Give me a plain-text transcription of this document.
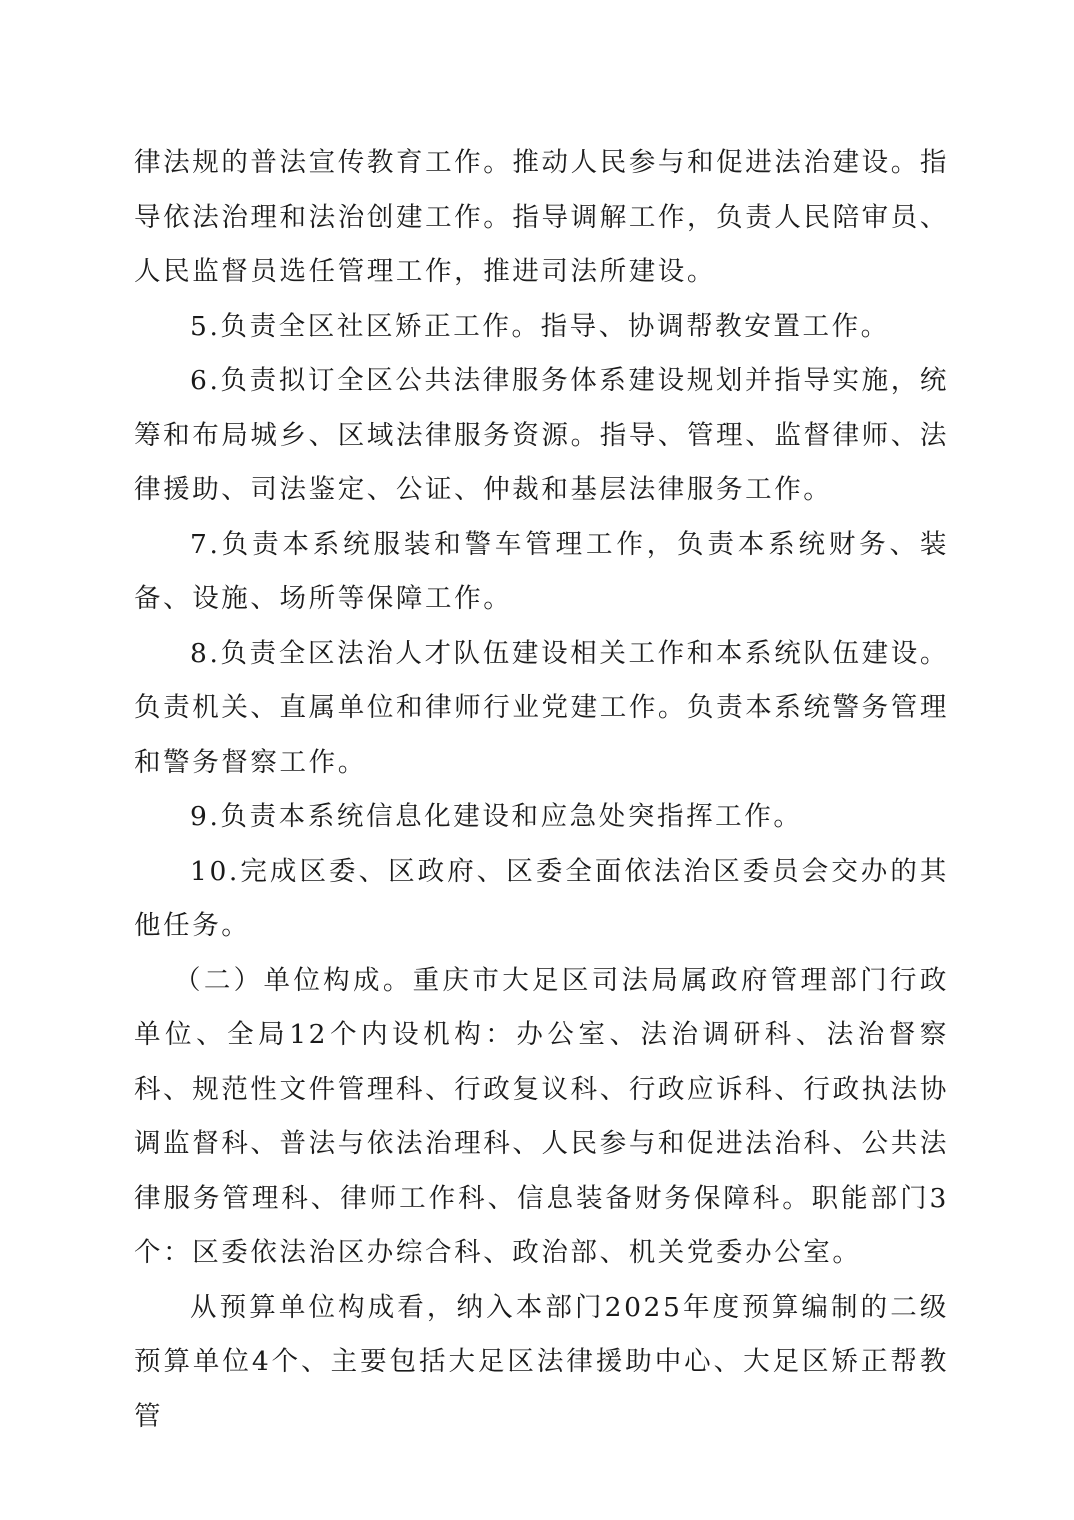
律法规的普法宣传教育工作。推动人民参与和促进法治建设。指导依法治理和法治创建工作。指导调解工作，负责人民陪审员、人民监督员选任管理工作，推进司法所建设。

5.负责全区社区矫正工作。指导、协调帮教安置工作。

6.负责拟订全区公共法律服务体系建设规划并指导实施，统筹和布局城乡、区域法律服务资源。指导、管理、监督律师、法律援助、司法鉴定、公证、仲裁和基层法律服务工作。

7.负责本系统服装和警车管理工作，负责本系统财务、装备、设施、场所等保障工作。

8.负责全区法治人才队伍建设相关工作和本系统队伍建设。负责机关、直属单位和律师行业党建工作。负责本系统警务管理和警务督察工作。

9.负责本系统信息化建设和应急处突指挥工作。

10.完成区委、区政府、区委全面依法治区委员会交办的其他任务。

（二）单位构成。重庆市大足区司法局属政府管理部门行政单位、全局12个内设机构：办公室、法治调研科、法治督察科、规范性文件管理科、行政复议科、行政应诉科、行政执法协调监督科、普法与依法治理科、人民参与和促进法治科、公共法律服务管理科、律师工作科、信息装备财务保障科。职能部门3个：区委依法治区办综合科、政治部、机关党委办公室。

从预算单位构成看，纳入本部门2025年度预算编制的二级预算单位4个、主要包括大足区法律援助中心、大足区矫正帮教管
